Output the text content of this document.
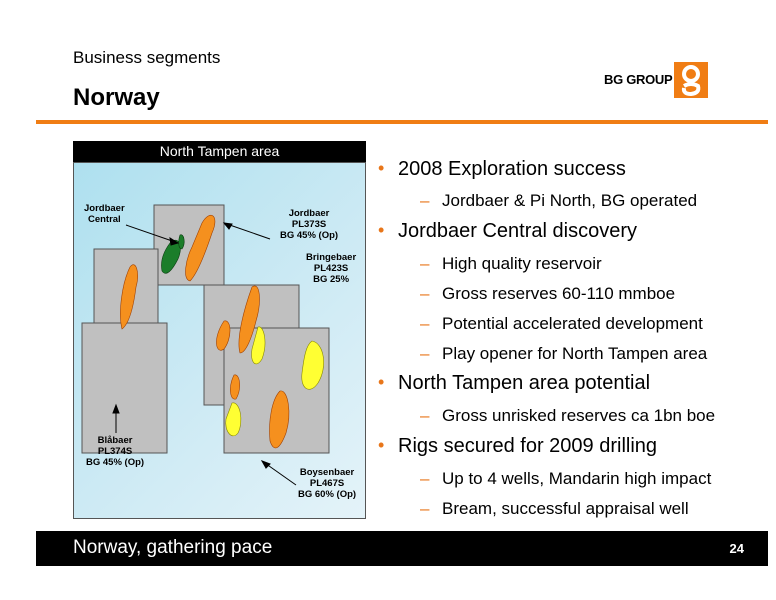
Business segments
Norway
BG GROUP
North Tampen area
Jordbaer
Central
Jordbaer
PL373S
BG 45% (Op)
Bringebaer
PL423S
BG 25%
Blåbaer
PL374S
BG 45% (Op)
Boysenbaer
PL467S
BG 60% (Op)
• 2008 Exploration success
– Jordbaer & Pi North, BG operated
• Jordbaer Central discovery
– High quality reservoir
– Gross reserves 60-110 mmboe
– Potential accelerated development
– Play opener for North Tampen area
• North Tampen area potential
– Gross unrisked reserves ca 1bn boe
• Rigs secured for 2009 drilling
– Up to 4 wells, Mandarin high impact
– Bream, successful appraisal well
Norway, gathering pace	24
